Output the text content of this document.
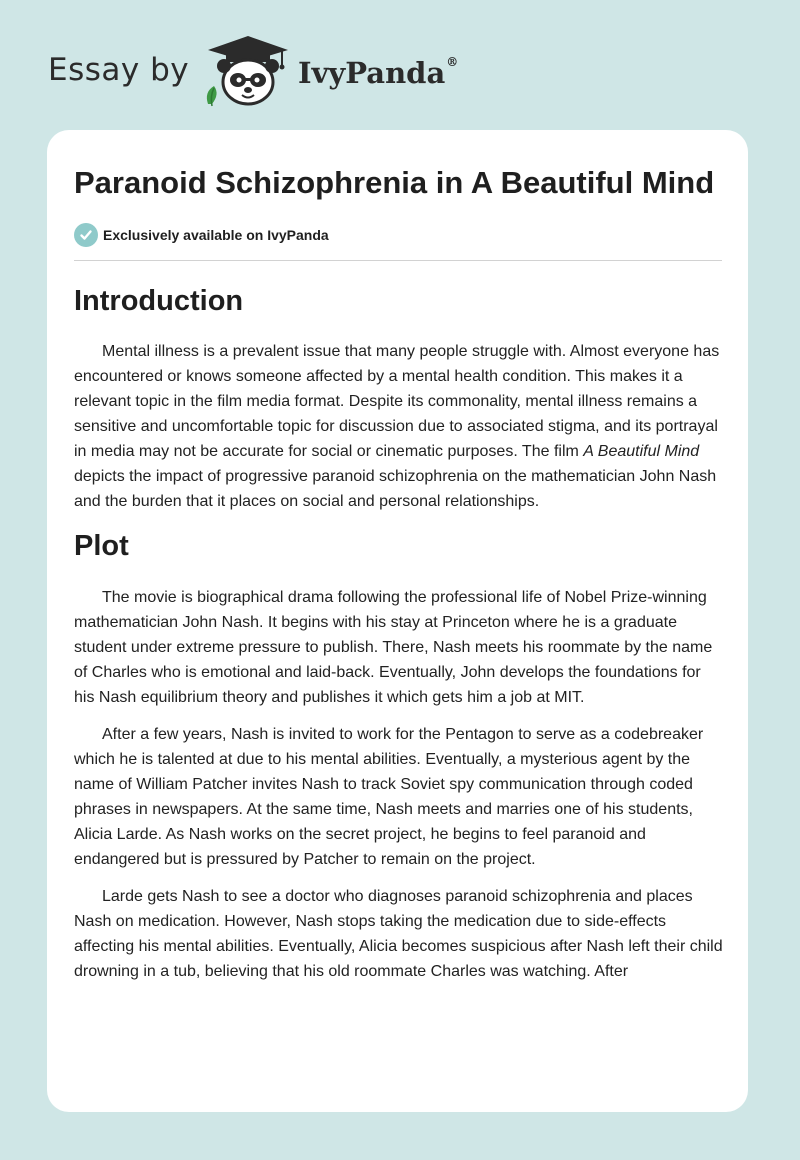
Essay by	IvyPanda®
Paranoid Schizophrenia in A Beautiful Mind
Exclusively available on IvyPanda
Introduction

Mental illness is a prevalent issue that many people struggle with. Almost everyone has encountered or knows someone affected by a mental health condition. This makes it a relevant topic in the film media format. Despite its commonality, mental illness remains a sensitive and uncomfortable topic for discussion due to associated stigma, and its portrayal in media may not be accurate for social or cinematic purposes. The film A Beautiful Mind depicts the impact of progressive paranoid schizophrenia on the mathematician John Nash and the burden that it places on social and personal relationships.

Plot

The movie is biographical drama following the professional life of Nobel Prize-winning mathematician John Nash. It begins with his stay at Princeton where he is a graduate student under extreme pressure to publish. There, Nash meets his roommate by the name of Charles who is emotional and laid-back. Eventually, John develops the foundations for his Nash equilibrium theory and publishes it which gets him a job at MIT.

After a few years, Nash is invited to work for the Pentagon to serve as a codebreaker which he is talented at due to his mental abilities. Eventually, a mysterious agent by the name of William Patcher invites Nash to track Soviet spy communication through coded phrases in newspapers. At the same time, Nash meets and marries one of his students, Alicia Larde. As Nash works on the secret project, he begins to feel paranoid and endangered but is pressured by Patcher to remain on the project.

Larde gets Nash to see a doctor who diagnoses paranoid schizophrenia and places Nash on medication. However, Nash stops taking the medication due to side-effects affecting his mental abilities. Eventually, Alicia becomes suspicious after Nash left their child drowning in a tub, believing that his old roommate Charles was watching. After
